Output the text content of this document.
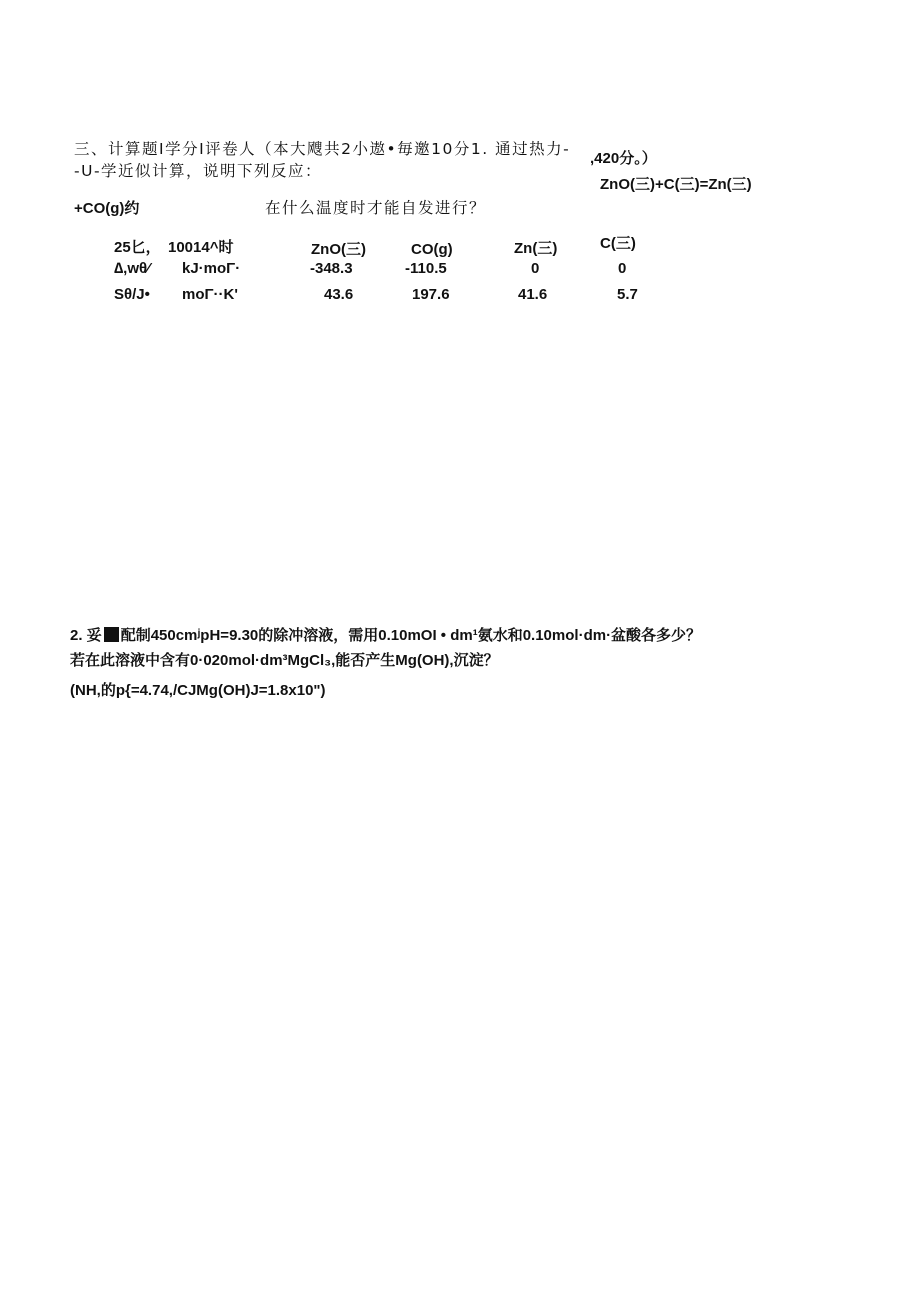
三、计算题I学分I评卷人（本大飕共2小遨•毎邀10分1. 通过热力-
,420分。）
-U-学近似计算，说明下列反应：
ZnO(三)+C(三)=Zn(三)
+CO(g)约	在什么温度时才能自发进行？
25匕， 10014^时	ZnO(三)	CO(g)	Zn(三)	C(三)
∆,wθ⁄ kJ·moΓ·	-348.3	-110.5	0	0
Sθ/J• moΓ··K'	43.6	197.6	41.6	5.7
2. 妥 配制450cmʲpH=9.30的除冲溶液，需用0.10mOI • dm¹氨水和0.10mol·dm·盆酸各多少？
若在此溶液中含有0·020mol·dm³MgCl₃,能否产生Mg(OH),沉淀？
(NH,的p{=4.74,/CJMg(OH)J=1.8x10")
